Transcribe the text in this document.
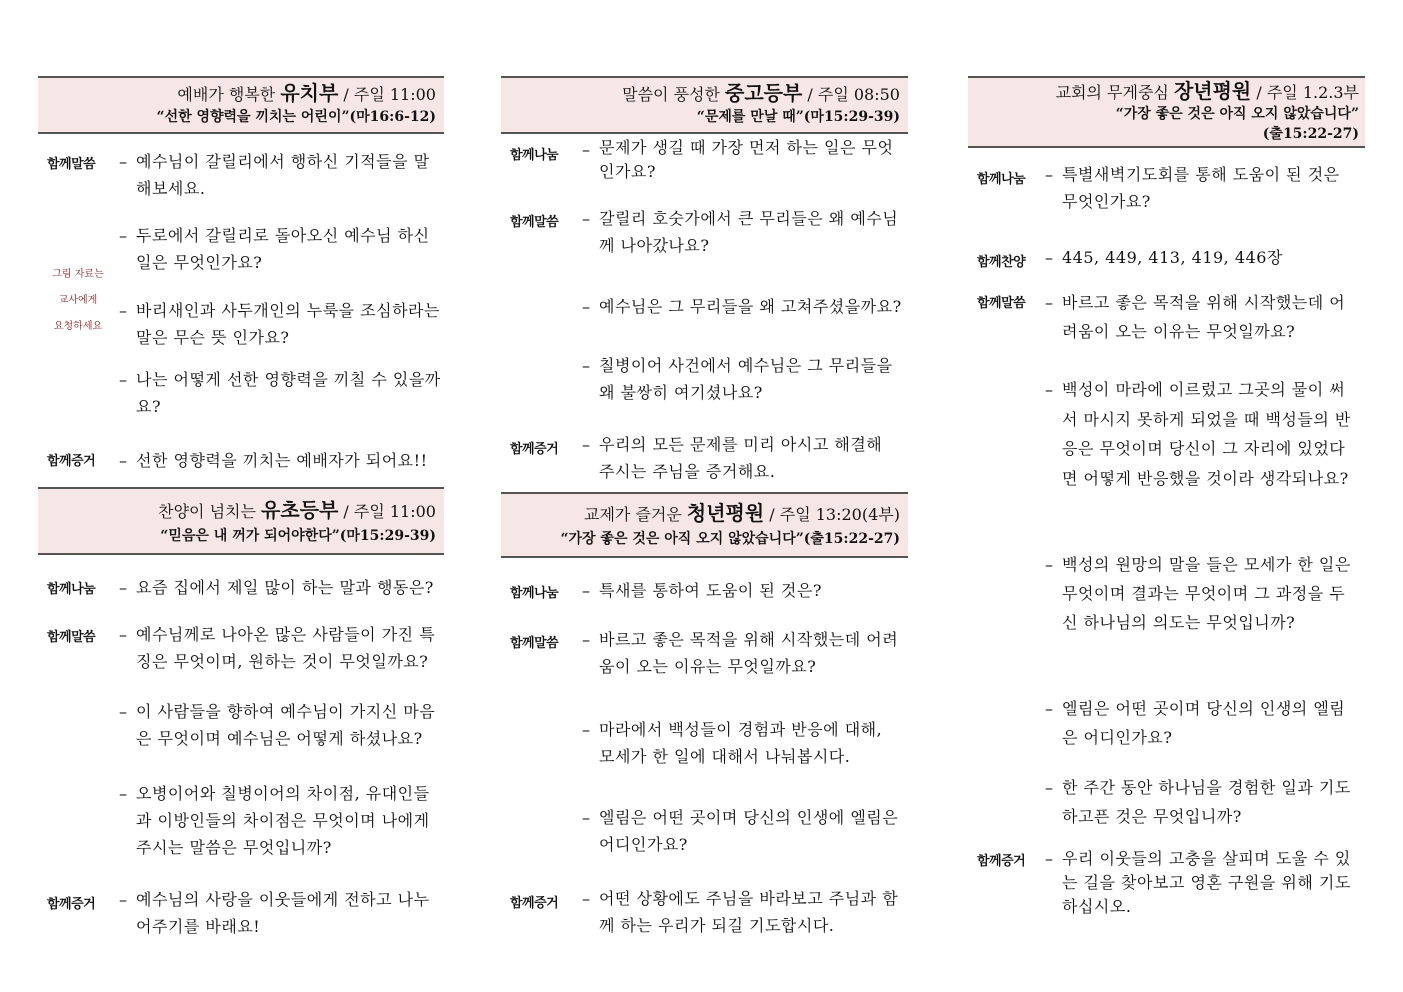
예배가 행복한 유치부 / 주일 11:00
“선한 영향력을 끼치는 어린이”(마16:6-12)
함께말씀 – 예수님이 갈릴리에서 행하신 기적들을 말해보세요.
– 두로에서 갈릴리로 돌아오신 예수님 하신 일은 무엇인가요?
– 바리새인과 사두개인의 누룩을 조심하라는 말은 무슨 뜻 인가요?
– 나는 어떻게 선한 영향력을 끼칠 수 있을까요?
그림 자료는
교사에게
요청하세요
함께증거 – 선한 영향력을 끼치는 예배자가 되어요!!
찬양이 넘치는 유초등부 / 주일 11:00
“믿음은 내 꺼가 되어야한다”(마15:29-39)
함께나눔 – 요즘 집에서 제일 많이 하는 말과 행동은?
함께말씀 – 예수님께로 나아온 많은 사람들이 가진 특징은 무엇이며, 원하는 것이 무엇일까요?
– 이 사람들을 향하여 예수님이 가지신 마음은 무엇이며 예수님은 어떻게 하셨나요?
– 오병이어와 칠병이어의 차이점, 유대인들과 이방인들의 차이점은 무엇이며 나에게 주시는 말씀은 무엇입니까?
함께증거 – 예수님의 사랑을 이웃들에게 전하고 나누어주기를 바래요!
말씀이 풍성한 중고등부 / 주일 08:50
“문제를 만날 때”(마15:29-39)
함께나눔 – 문제가 생길 때 가장 먼저 하는 일은 무엇인가요?
함께말씀 – 갈릴리 호숫가에서 큰 무리들은 왜 예수님께 나아갔나요?
– 예수님은 그 무리들을 왜 고쳐주셨을까요?
– 칠병이어 사건에서 예수님은 그 무리들을 왜 불쌍히 여기셨나요?
함께증거 – 우리의 모든 문제를 미리 아시고 해결해 주시는 주님을 증거해요.
교제가 즐거운 청년평원 / 주일 13:20(4부)
“가장 좋은 것은 아직 오지 않았습니다”(출15:22-27)
함께나눔 – 특새를 통하여 도움이 된 것은?
함께말씀 – 바르고 좋은 목적을 위해 시작했는데 어려움이 오는 이유는 무엇일까요?
– 마라에서 백성들이 경험과 반응에 대해, 모세가 한 일에 대해서 나눠봅시다.
– 엘림은 어떤 곳이며 당신의 인생에 엘림은 어디인가요?
함께증거 – 어떤 상황에도 주님을 바라보고 주님과 함께 하는 우리가 되길 기도합시다.
교회의 무게중심 장년평원 / 주일 1.2.3부
“가장 좋은 것은 아직 오지 않았습니다”
(출15:22-27)
함께나눔 – 특별새벽기도회를 통해 도움이 된 것은 무엇인가요?
함께찬양 – 445, 449, 413, 419, 446장
함께말씀 – 바르고 좋은 목적을 위해 시작했는데 어려움이 오는 이유는 무엇일까요?
– 백성이 마라에 이르렀고 그곳의 물이 써서 마시지 못하게 되었을 때 백성들의 반응은 무엇이며 당신이 그 자리에 있었다면 어떻게 반응했을 것이라 생각되나요?
– 백성의 원망의 말을 들은 모세가 한 일은 무엇이며 결과는 무엇이며 그 과정을 두신 하나님의 의도는 무엇입니까?
– 엘림은 어떤 곳이며 당신의 인생의 엘림은 어디인가요?
– 한 주간 동안 하나님을 경험한 일과 기도하고픈 것은 무엇입니까?
함께증거 – 우리 이웃들의 고충을 살피며 도울 수 있는 길을 찾아보고 영혼 구원을 위해 기도하십시오.
